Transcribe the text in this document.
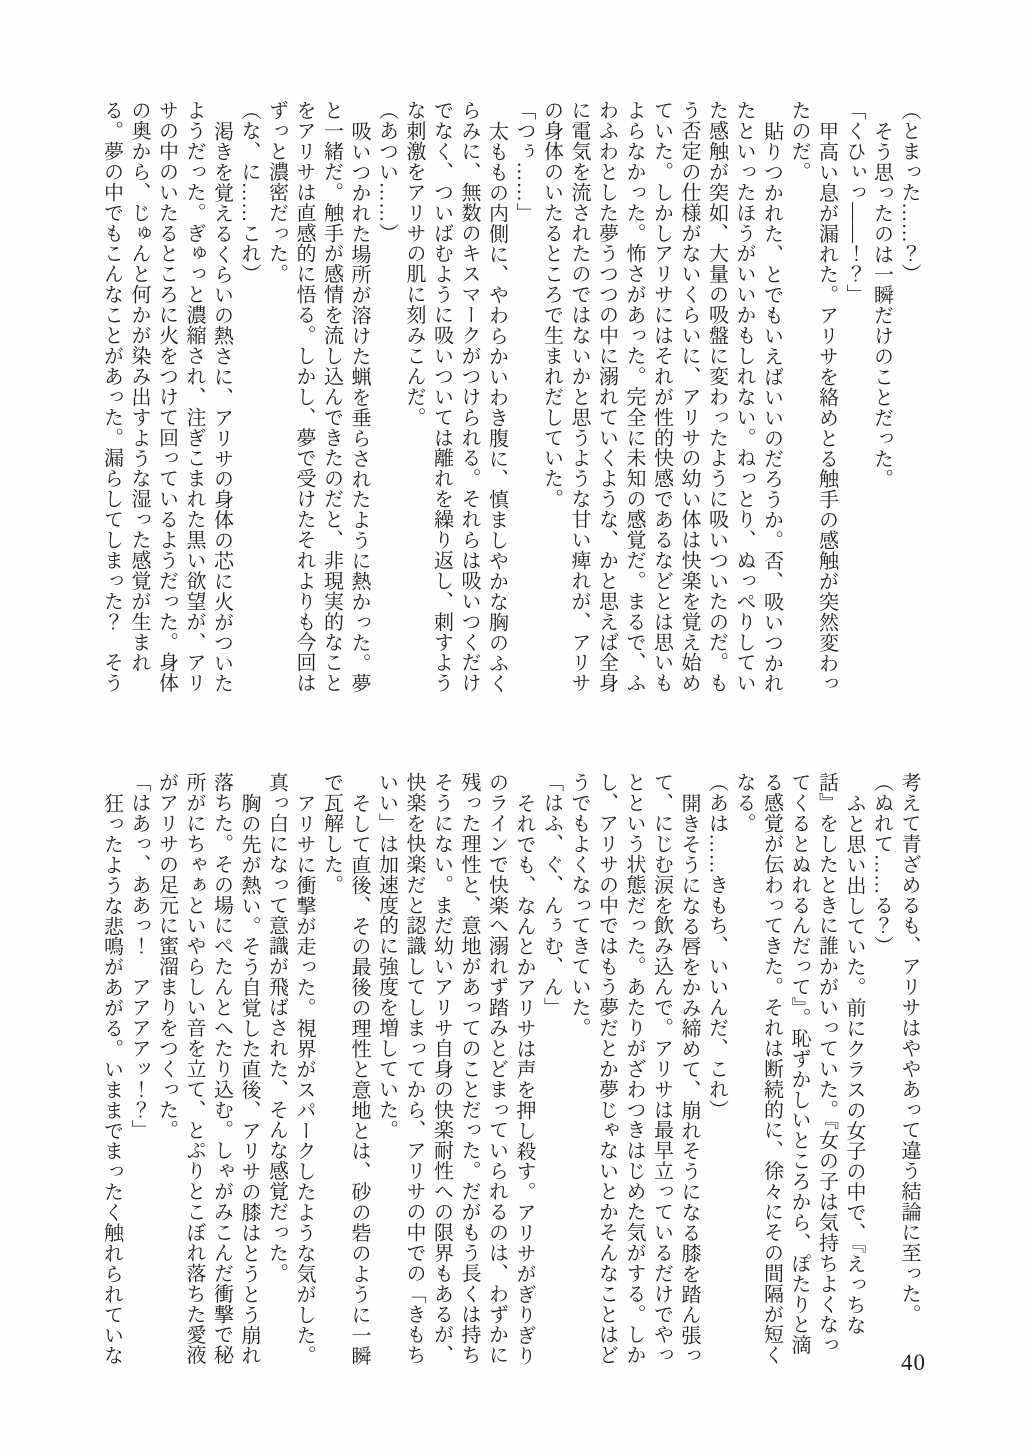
（とまった……？）
そう思ったのは一瞬だけのことだった。
「くひぃっ――！？」
甲高い息が漏れた。アリサを絡めとる触手の感触が突然変わっ
たのだ。
貼りつかれた、とでもいえばいいのだろうか。否、吸いつかれ
たといったほうがいいかもしれない。ねっとり、ぬっぺりしてい
た感触が突如、大量の吸盤に変わったように吸いついたのだ。も
う否定の仕様がないくらいに、アリサの幼い体は快楽を覚え始め
ていた。しかしアリサにはそれが性的快感であるなどとは思いも
よらなかった。怖さがあった。完全に未知の感覚だ。まるで、ふ
わふわとした夢うつつの中に溺れていくような、かと思えば全身
に電気を流されたのではないかと思うような甘い痺れが、アリサ
の身体のいたるところで生まれだしていた。
「つぅ……」
太ももの内側に、やわらかいわき腹に、慎ましやかな胸のふく
らみに、無数のキスマークがつけられる。それらは吸いつくだけ
でなく、ついばむように吸いついては離れを繰り返し、刺すよう
な刺激をアリサの肌に刻みこんだ。
（あつい……）
吸いつかれた場所が溶けた蝋を垂らされたように熱かった。夢
と一緒だ。触手が感情を流し込んできたのだと、非現実的なこと
をアリサは直感的に悟る。しかし、夢で受けたそれよりも今回は
ずっと濃密だった。
（な、に……これ）
渇きを覚えるくらいの熱さに、アリサの身体の芯に火がついた
ようだった。ぎゅっと濃縮され、注ぎこまれた黒い欲望が、アリ
サの中のいたるところに火をつけて回っているようだった。身体
の奥から、じゅんと何かが染み出すような湿った感覚が生まれ
る。夢の中でもこんなことがあった。漏らしてしまった？　そう
考えて青ざめるも、アリサはややあって違う結論に至った。
（ぬれて……る？）
ふと思い出していた。前にクラスの女子の中で、『えっちな
話』をしたときに誰かがいっていた。『女の子は気持ちよくなっ
てくるとぬれるんだって』。恥ずかしいところから、ぽたりと滴
る感覚が伝わってきた。それは断続的に、徐々にその間隔が短く
なる。
（あは……きもち、いいんだ、これ）
開きそうになる唇をかみ締めて、崩れそうになる膝を踏ん張っ
て、にじむ涙を飲み込んで。アリサは最早立っているだけでやっ
とという状態だった。あたりがざわつきはじめた気がする。しか
し、アリサの中ではもう夢だとか夢じゃないとかそんなことはど
うでもよくなってきていた。
「はふ、ぐ、んぅむ、ん」
それでも、なんとかアリサは声を押し殺す。アリサがぎりぎり
のラインで快楽へ溺れず踏みとどまっていられるのは、わずかに
残った理性と、意地があってのことだった。だがもう長くは持ち
そうにない。まだ幼いアリサ自身の快楽耐性への限界もあるが、
快楽を快楽だと認識してしまってから、アリサの中での「きもち
いい」は加速度的に強度を増していた。
そして直後、その最後の理性と意地とは、砂の砦のように一瞬
で瓦解した。
アリサに衝撃が走った。視界がスパークしたような気がした。
真っ白になって意識が飛ばされた、そんな感覚だった。
胸の先が熱い。そう自覚した直後、アリサの膝はとうとう崩れ
落ちた。その場にぺたんとへたり込む。しゃがみこんだ衝撃で秘
所がにちゃぁといやらしい音を立て、とぷりとこぼれ落ちた愛液
がアリサの足元に蜜溜まりをつくった。
「はあっ、ああっ！　アアアアッ！？」
狂ったような悲鳴があがる。いままでまったく触れられていな	40
